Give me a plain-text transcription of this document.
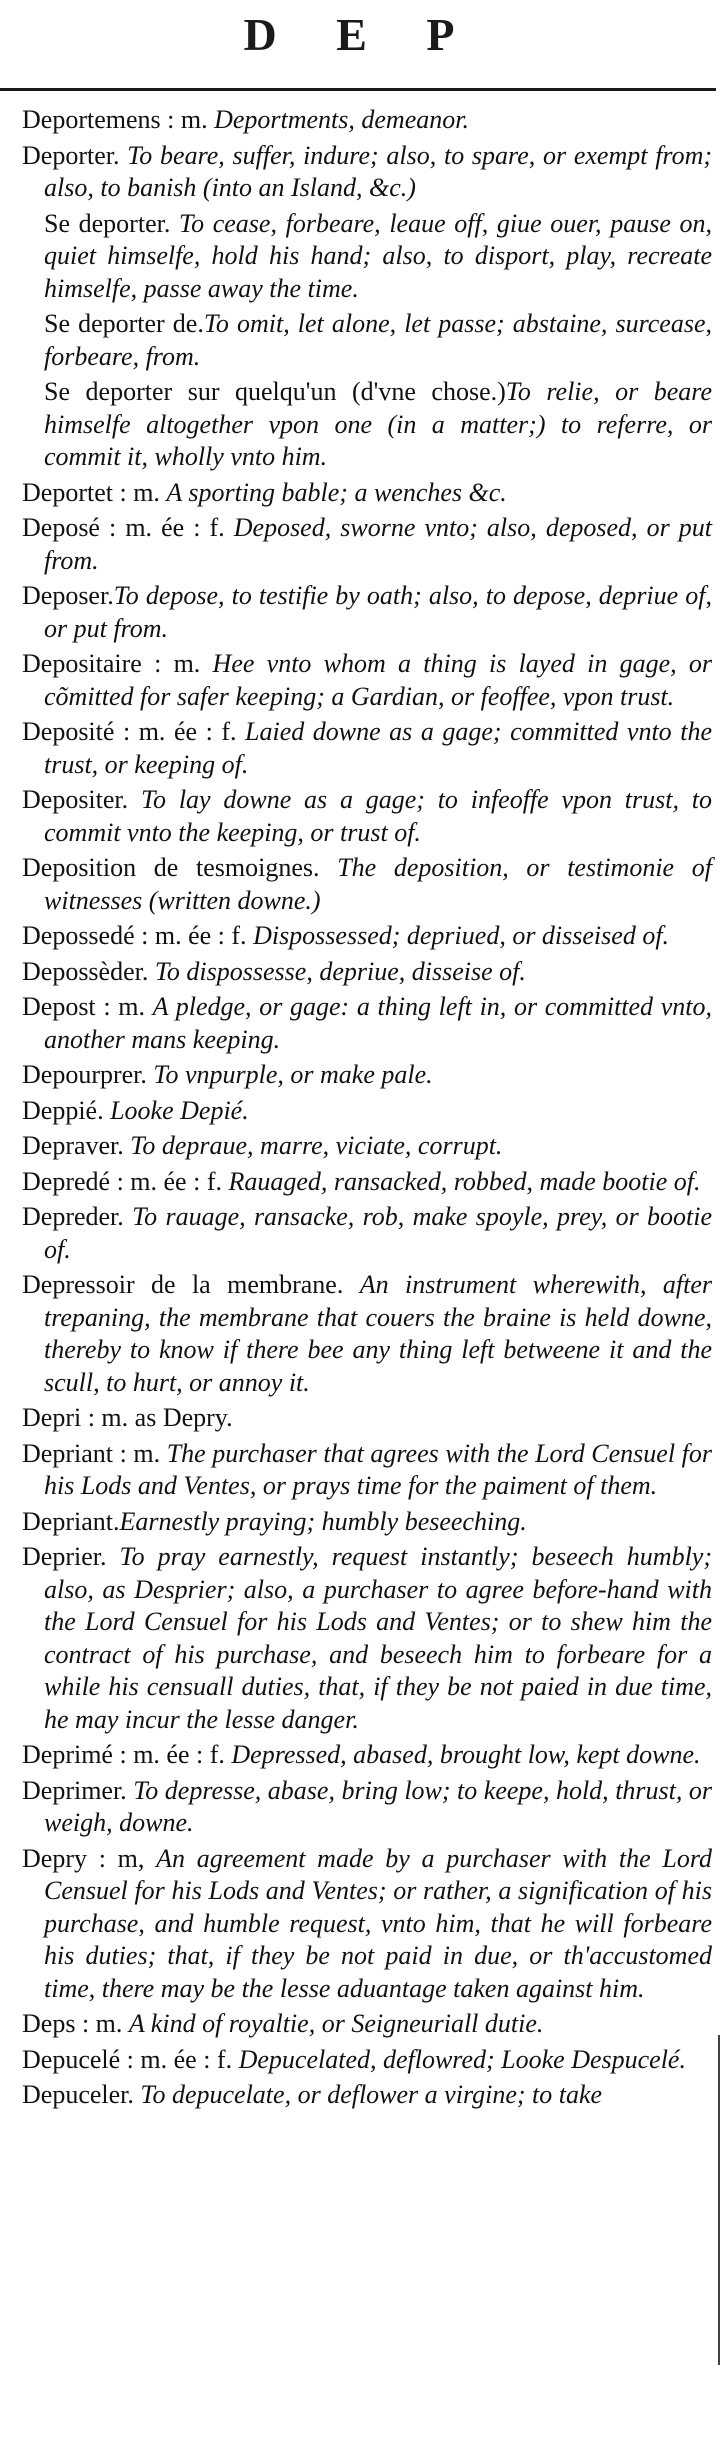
D E P

Deportemens : m. Deportments, demeanor.

Deporter. To beare, suffer, indure; also, to spare, or exempt from; also, to banish (into an Island, &c.)

Se deporter. To cease, forbeare, leaue off, giue ouer, pause on, quiet himselfe, hold his hand; also, to disport, play, recreate himselfe, passe away the time.

Se deporter de.To omit, let alone, let passe; abstaine, surcease, forbeare, from.

Se deporter sur quelqu'un (d'vne chose.)To relie, or beare himselfe altogether vpon one (in a matter;) to referre, or commit it, wholly vnto him.

Deportet : m. A sporting bable; a wenches &c.

Deposé : m. ée : f. Deposed, sworne vnto; also, deposed, or put from.

Deposer.To depose, to testifie by oath; also, to depose, depriue of, or put from.

Depositaire : m. Hee vnto whom a thing is layed in gage, or cõmitted for safer keeping; a Gardian, or feoffee, vpon trust.

Deposité : m. ée : f. Laied downe as a gage; committed vnto the trust, or keeping of.

Depositer. To lay downe as a gage; to infeoffe vpon trust, to commit vnto the keeping, or trust of.

Deposition de tesmoignes. The deposition, or testimonie of witnesses (written downe.)

Depossedé : m. ée : f. Dispossessed; depriued, or disseised of.

Depossèder. To dispossesse, depriue, disseise of.

Depost : m. A pledge, or gage: a thing left in, or committed vnto, another mans keeping.

Depourprer. To vnpurple, or make pale.

Deppié. Looke Depié.

Depraver. To depraue, marre, viciate, corrupt.

Depredé : m. ée : f. Rauaged, ransacked, robbed, made bootie of.

Depreder. To rauage, ransacke, rob, make spoyle, prey, or bootie of.

Depressoir de la membrane. An instrument wherewith, after trepaning, the membrane that couers the braine is held downe, thereby to know if there bee any thing left betweene it and the scull, to hurt, or annoy it.

Depri : m. as Depry.

Depriant : m. The purchaser that agrees with the Lord Censuel for his Lods and Ventes, or prays time for the paiment of them.

Depriant.Earnestly praying; humbly beseeching.

Deprier. To pray earnestly, request instantly; beseech humbly; also, as Desprier; also, a purchaser to agree before-hand with the Lord Censuel for his Lods and Ventes; or to shew him the contract of his purchase, and beseech him to forbeare for a while his censuall duties, that, if they be not paied in due time, he may incur the lesse danger.

Deprimé : m. ée : f. Depressed, abased, brought low, kept downe.

Deprimer. To depresse, abase, bring low; to keepe, hold, thrust, or weigh, downe.

Depry : m, An agreement made by a purchaser with the Lord Censuel for his Lods and Ventes; or rather, a signification of his purchase, and humble request, vnto him, that he will forbeare his duties; that, if they be not paid in due, or th'accustomed time, there may be the lesse aduantage taken against him.

Deps : m. A kind of royaltie, or Seigneuriall dutie.

Depucelé : m. ée : f. Depucelated, deflowred; Looke Despucelé.

Depuceler. To depucelate, or deflower a virgine; to take
